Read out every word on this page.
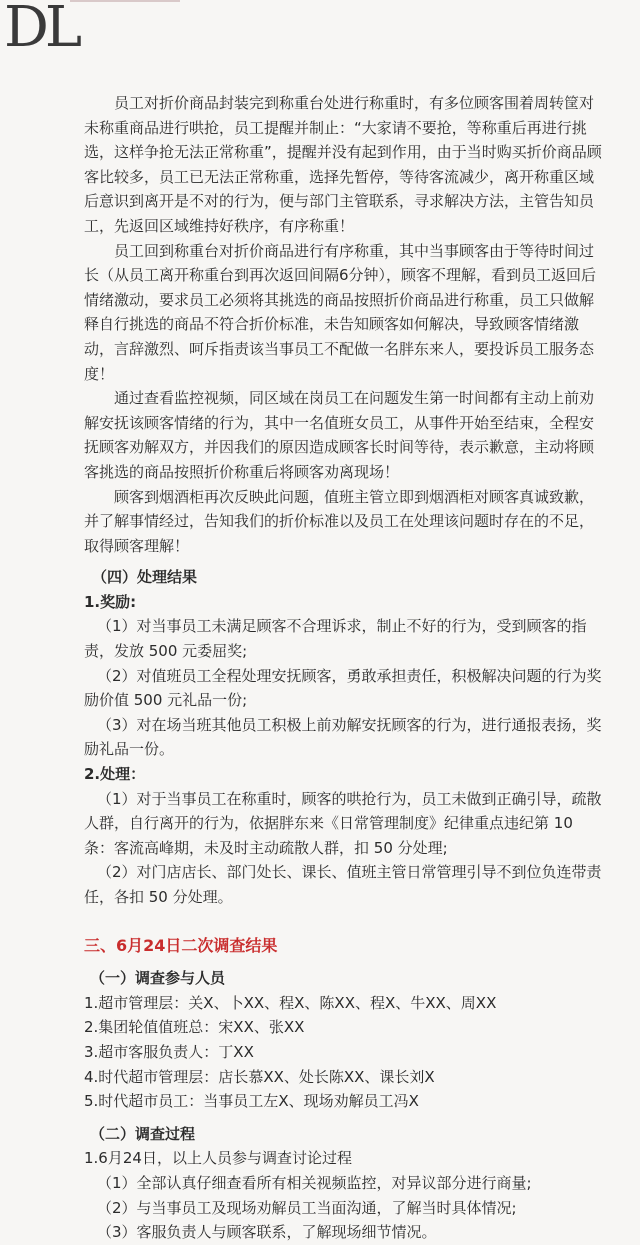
DL

员工对折价商品封装完到称重台处进行称重时，有多位顾客围着周转筐对未称重商品进行哄抢，员工提醒并制止：“大家请不要抢，等称重后再进行挑选，这样争抢无法正常称重”，提醒并没有起到作用，由于当时购买折价商品顾客比较多，员工已无法正常称重，选择先暂停，等待客流减少，离开称重区域后意识到离开是不对的行为，便与部门主管联系，寻求解决方法，主管告知员工，先返回区域维持好秩序，有序称重！

员工回到称重台对折价商品进行有序称重，其中当事顾客由于等待时间过长（从员工离开称重台到再次返回间隔6分钟），顾客不理解，看到员工返回后情绪激动，要求员工必须将其挑选的商品按照折价商品进行称重，员工只做解释自行挑选的商品不符合折价标准，未告知顾客如何解决，导致顾客情绪激动，言辞激烈、呵斥指责该当事员工不配做一名胖东来人，要投诉员工服务态度！

通过查看监控视频，同区域在岗员工在问题发生第一时间都有主动上前劝解安抚该顾客情绪的行为，其中一名值班女员工，从事件开始至结束，全程安抚顾客劝解双方，并因我们的原因造成顾客长时间等待，表示歉意，主动将顾客挑选的商品按照折价称重后将顾客劝离现场！

顾客到烟酒柜再次反映此问题，值班主管立即到烟酒柜对顾客真诚致歉，并了解事情经过，告知我们的折价标准以及员工在处理该问题时存在的不足，取得顾客理解！

（四）处理结果

1.奖励:

（1）对当事员工未满足顾客不合理诉求，制止不好的行为，受到顾客的指责，发放 500 元委屈奖;

（2）对值班员工全程处理安抚顾客，勇敢承担责任，积极解决问题的行为奖励价值 500 元礼品一份;

（3）对在场当班其他员工积极上前劝解安抚顾客的行为，进行通报表扬，奖励礼品一份。

2.处理：

（1）对于当事员工在称重时，顾客的哄抢行为，员工未做到正确引导，疏散人群，自行离开的行为，依据胖东来《日常管理制度》纪律重点违纪第 10 条：客流高峰期，未及时主动疏散人群，扣 50 分处理;

（2）对门店店长、部门处长、课长、值班主管日常管理引导不到位负连带责任，各扣 50 分处理。

三、6月24日二次调查结果

（一）调查参与人员

1.超市管理层：关X、卜XX、程X、陈XX、程X、牛XX、周XX

2.集团轮值值班总：宋XX、张XX

3.超市客服负责人：丁XX

4.时代超市管理层：店长慕XX、处长陈XX、课长刘X

5.时代超市员工：当事员工左X、现场劝解员工冯X

（二）调查过程

1.6月24日，以上人员参与调查讨论过程

（1）全部认真仔细查看所有相关视频监控，对异议部分进行商量;

（2）与当事员工及现场劝解员工当面沟通，了解当时具体情况;

（3）客服负责人与顾客联系，了解现场细节情况。
